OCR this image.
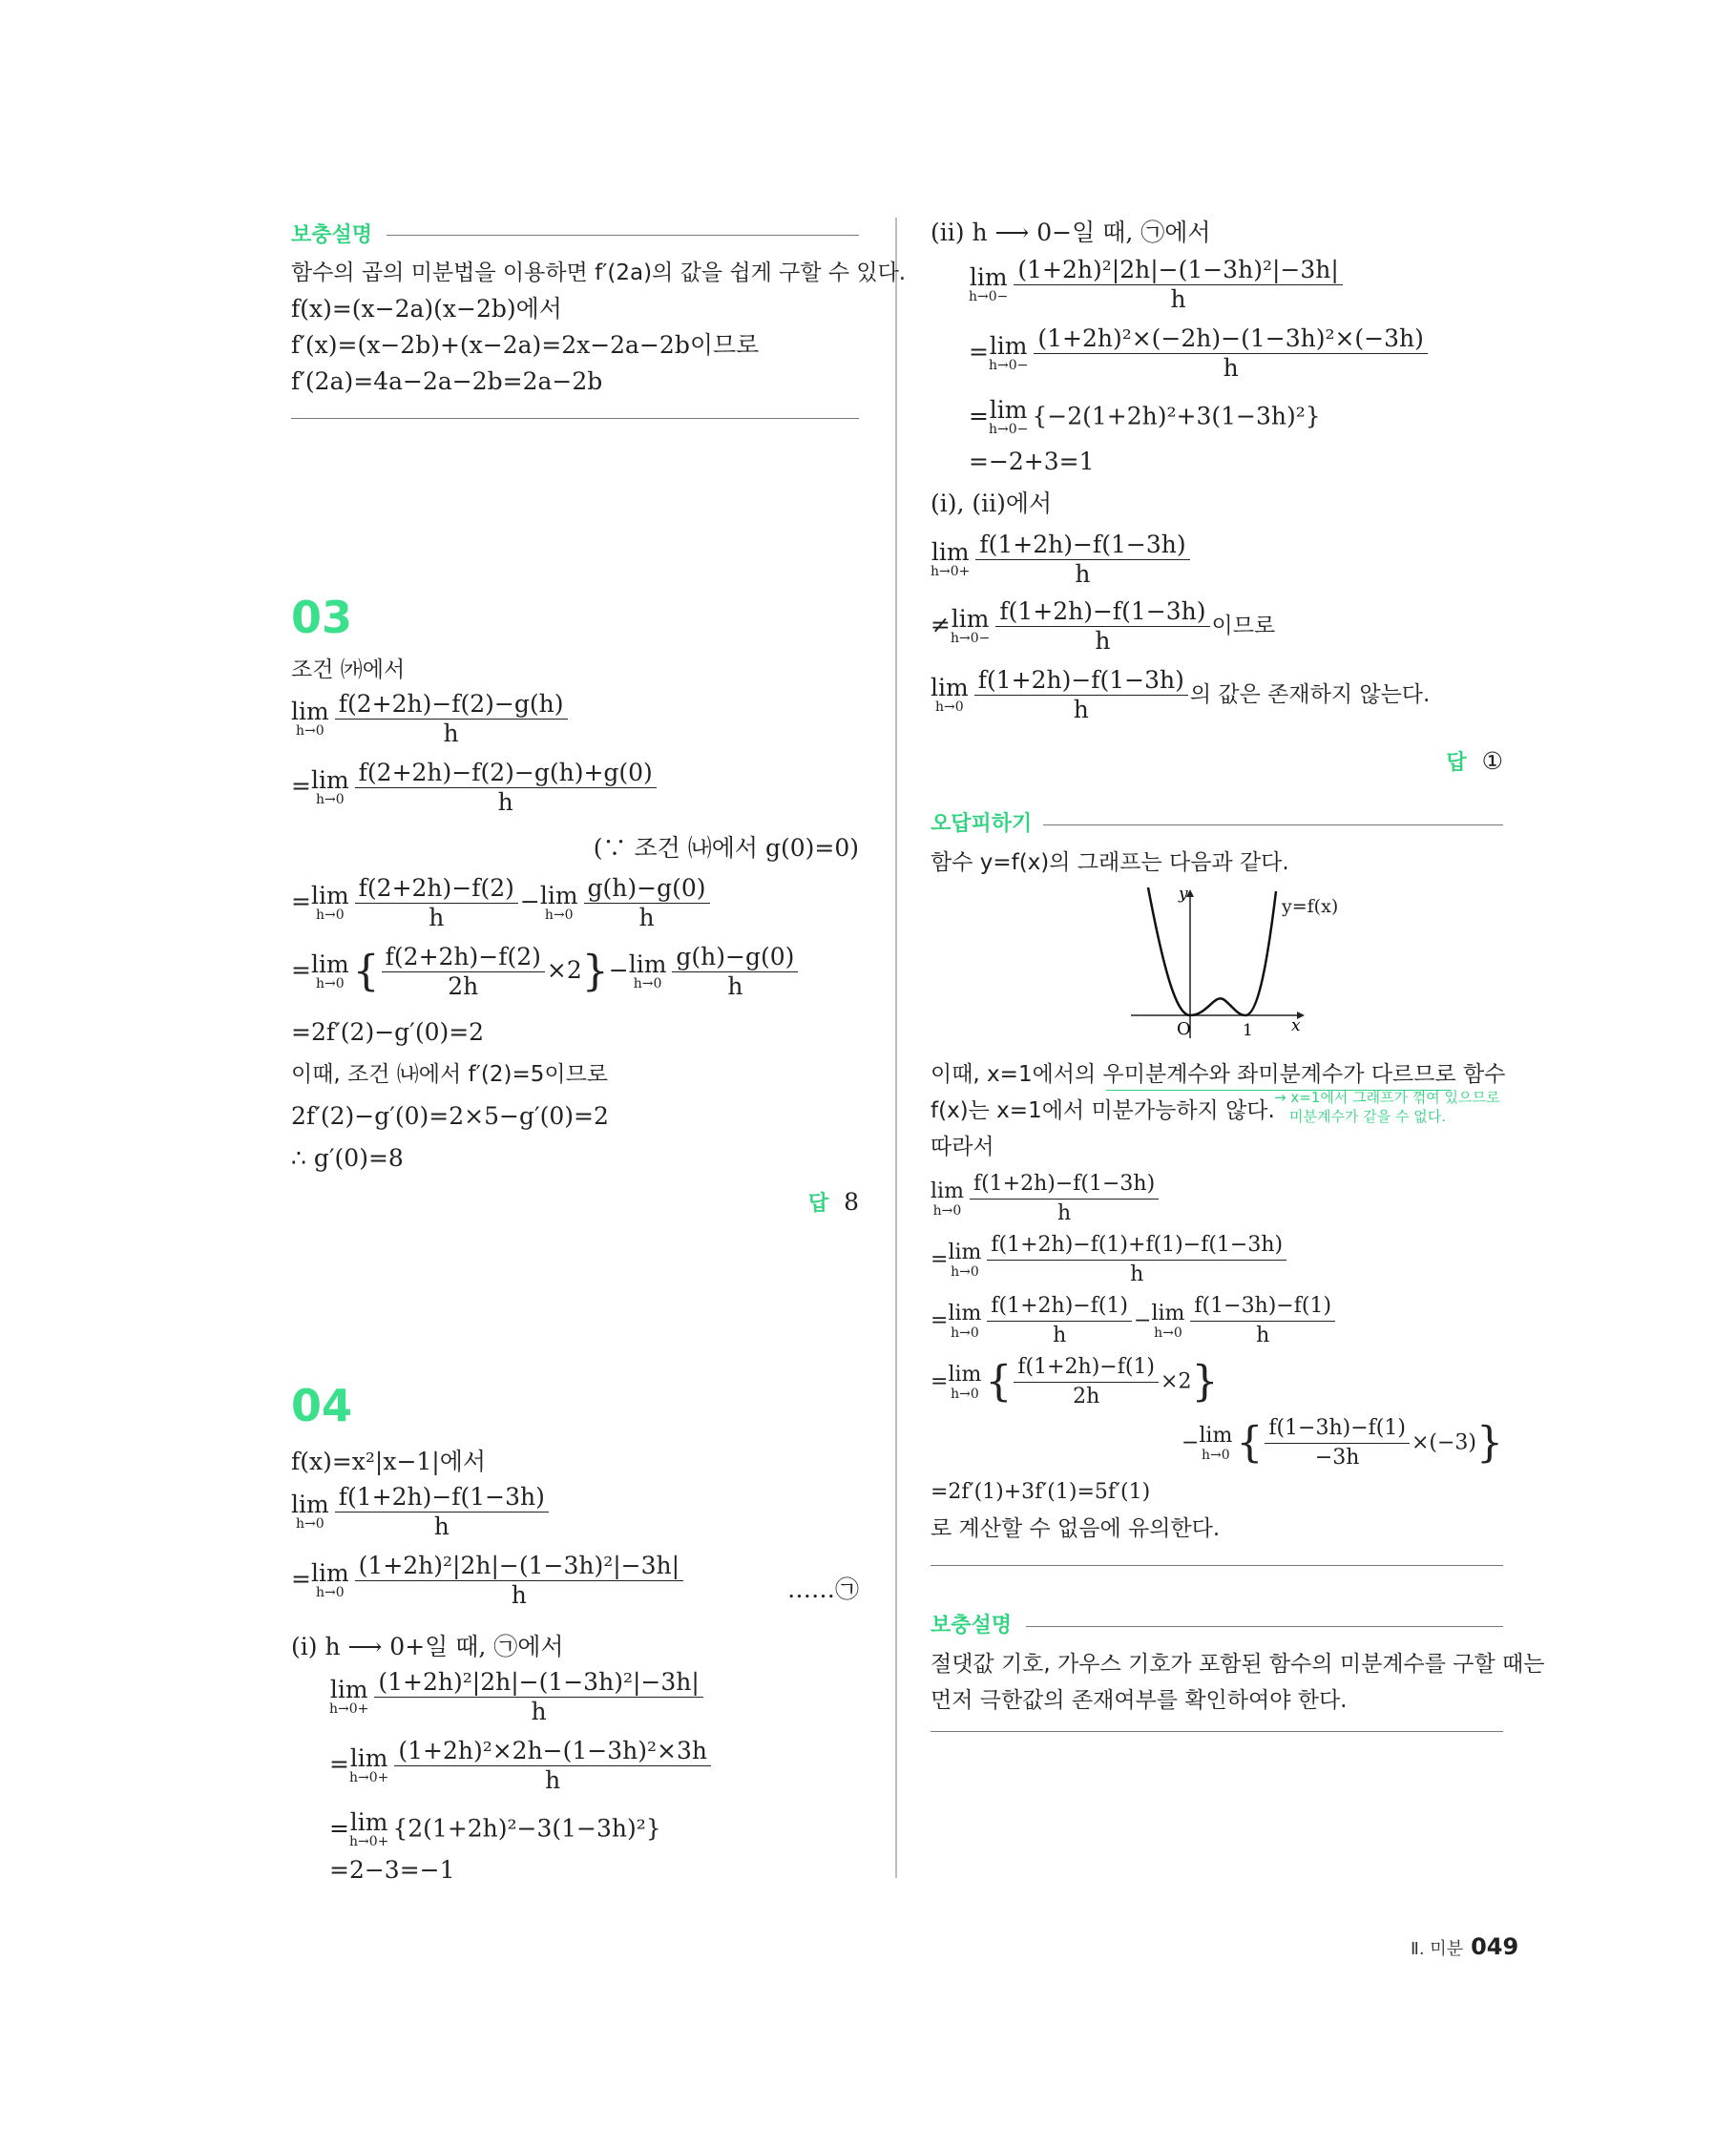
보충설명
함수의 곱의 미분법을 이용하면 f′(2a)의 값을 쉽게 구할 수 있다.
f(x)=(x−2a)(x−2b)에서
f′(x)=(x−2b)+(x−2a)=2x−2a−2b이므로
f′(2a)=4a−2a−2b=2a−2b
03
조건 ㈎에서
lim
$h\to 0 \frac{f(2+2h)-f(2)-g(h)}{h}$
=lim
$h\to 0 \frac{f(2+2h)-f(2)-g(h)+g(0)}{h}$
(∵ 조건 ㈏에서 g(0)=0)
=lim
$h\to 0 \frac{f(2+2h)-f(2)}{h} -\lim$
$h\to 0 \frac{g(h)-g(0)}{h}$
=lim
h→0 { $\frac{f(2+2h)-f(2)}{2h} \times 2\}-\lim$
$h\to 0 \frac{g(h)-g(0)}{h}$
=2f′(2)−g′(0)=2
이때, 조건 ㈏에서 f′(2)=5이므로
2f′(2)−g′(0)=2×5−g′(0)=2
∴ g′(0)=8
답 8
04
f(x)=x²|x−1|에서
lim
$h\to 0 \frac{f(1+2h)-f(1-3h)}{h}$
=lim
$h\to 0 \frac{\text{(1+2h)²|2h|−(1−3h)²|−3h|}}{h}$	……㉠
(i) h ⟶ 0+일 때, ㉠에서
lim
$h\to 0+ \frac{\text{(1+2h)²|2h|−(1−3h)²|−3h|}}{h}$
=lim
$h\to 0+ \frac{\text{(1+2h)²×2h−(1−3h)²×3h}}{h}$
=lim
h→0+ {2(1+2h)²−3(1−3h)²}
=2−3=−1
(ii) h ⟶ 0−일 때, ㉠에서
lim
$h\to 0- \frac{\text{(1+2h)²|2h|−(1−3h)²|−3h|}}{h}$
=lim
$h\to 0- \frac{\text{(1+2h)²×(−2h)−(1−3h)²×(−3h)}}{h}$
=lim
h→0− {−2(1+2h)²+3(1−3h)²}
=−2+3=1
(i), (ii)에서
lim
$h\to 0+ \frac{f(1+2h)-f(1-3h)}{h}$
≠lim
$h\to 0- \frac{f(1+2h)-f(1-3h)}{h}$ 이므로
lim
$h\to 0 \frac{f(1+2h)-f(1-3h)}{h}$ 의 값은 존재하지 않는다.
답 ①
오답피하기
함수 y=f(x)의 그래프는 다음과 같다.
y
O	1 x
y=f(x)
이때, x=1에서의 우미분계수와 좌미분계수가 다르므로 함수
f(x)는 x=1에서 미분가능하지 않다.
→ x=1에서 그래프가 꺾여 있으므로
미분계수가 같을 수 없다.
따라서
lim
$h\to 0 \frac{f(1+2h)-f(1-3h)}{h}$
=lim
$h\to 0 \frac{f(1+2h)-f(1)+f(1)-f(1-3h)}{h}$
=lim
$h\to 0 \frac{f(1+2h)-f(1)}{h} -\lim$
$h\to 0 \frac{f(1-3h)-f(1)}{h}$
=lim
h→0 { $\frac{f(1+2h)-f(1)}{2h} \times 2$}
−lim
h→0 { $\frac{f(1-3h)-f(1)}{-3h} \times(-3)$}
=2f′(1)+3f′(1)=5f′(1)
로 계산할 수 없음에 유의한다.
보충설명
절댓값 기호, 가우스 기호가 포함된 함수의 미분계수를 구할 때는
먼저 극한값의 존재여부를 확인하여야 한다.
Ⅱ. 미분 049
